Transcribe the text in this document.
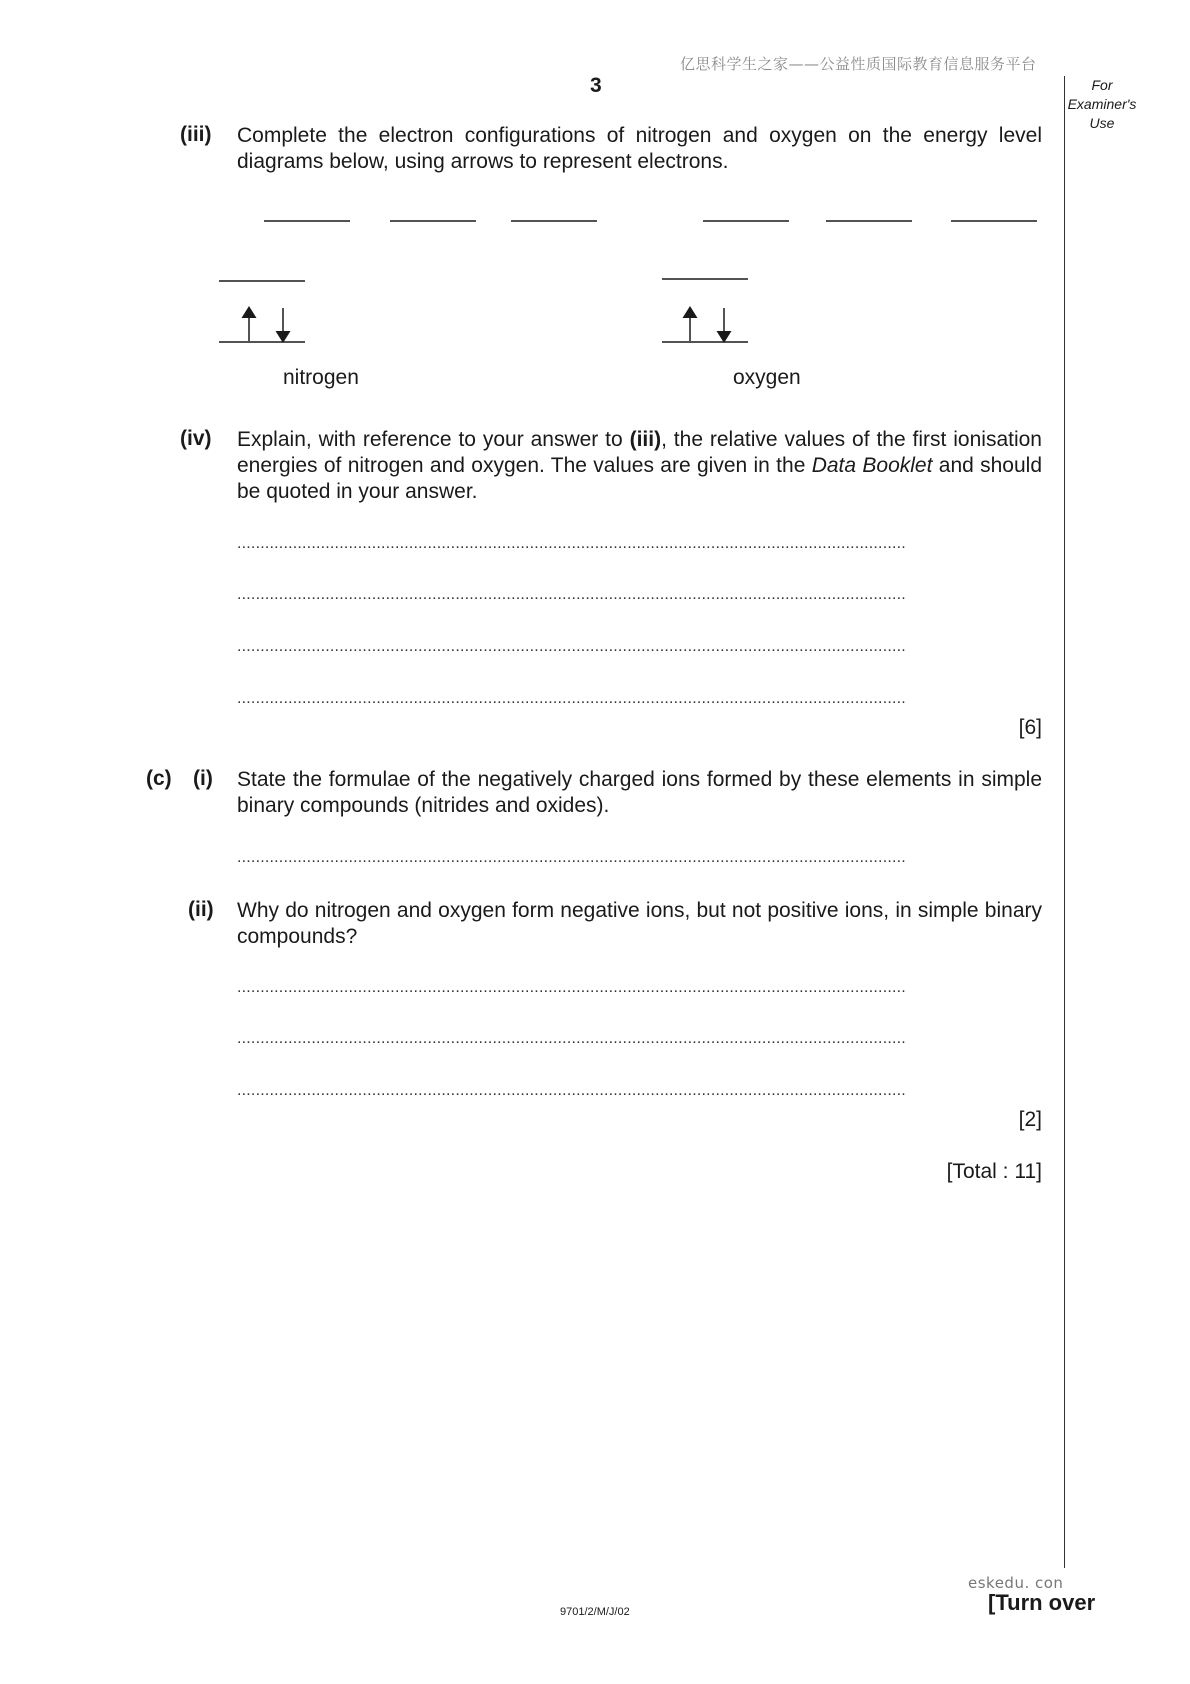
亿思科学生之家——公益性质国际教育信息服务平台
3	For Examiner's Use
(iii) Complete the electron configurations of nitrogen and oxygen on the energy level diagrams below, using arrows to represent electrons.
nitrogen	oxygen
(iv) Explain, with reference to your answer to (iii), the relative values of the first ionisation energies of nitrogen and oxygen. The values are given in the Data Booklet and should be quoted in your answer.
................................................................................................................................................
................................................................................................................................................
................................................................................................................................................
................................................................................................................................................
[6]
(c) (i) State the formulae of the negatively charged ions formed by these elements in simple binary compounds (nitrides and oxides).
................................................................................................................................................
(ii) Why do nitrogen and oxygen form negative ions, but not positive ions, in simple binary compounds?
................................................................................................................................................
................................................................................................................................................
................................................................................................................................................
[2]
[Total : 11]
eskedu. con
9701/2/M/J/02	[Turn over
